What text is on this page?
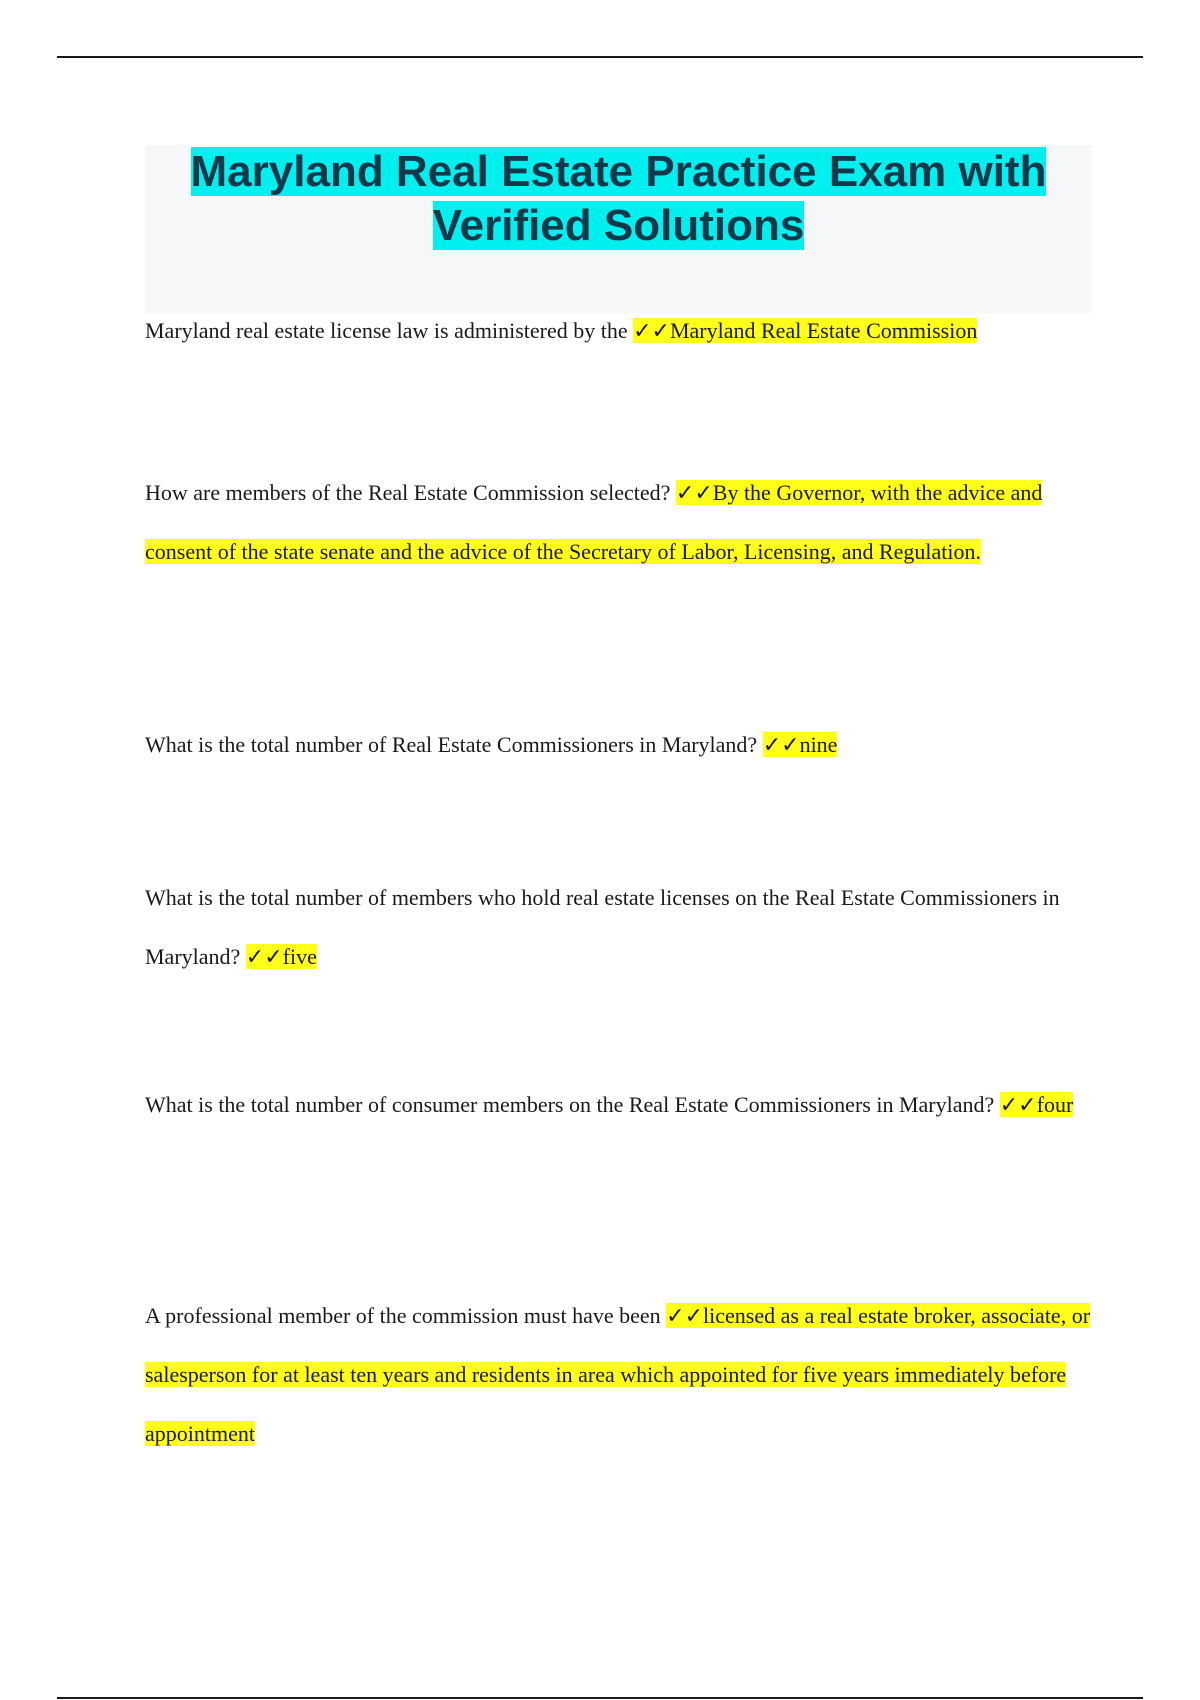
Maryland Real Estate Practice Exam with
Verified Solutions

Maryland real estate license law is administered by the ✓✓Maryland Real Estate Commission

How are members of the Real Estate Commission selected? ✓✓By the Governor, with the advice and consent of the state senate and the advice of the Secretary of Labor, Licensing, and Regulation.

What is the total number of Real Estate Commissioners in Maryland? ✓✓nine

What is the total number of members who hold real estate licenses on the Real Estate Commissioners in Maryland? ✓✓five

What is the total number of consumer members on the Real Estate Commissioners in Maryland? ✓✓four

A professional member of the commission must have been ✓✓licensed as a real estate broker, associate, or salesperson for at least ten years and residents in area which appointed for five years immediately before appointment
